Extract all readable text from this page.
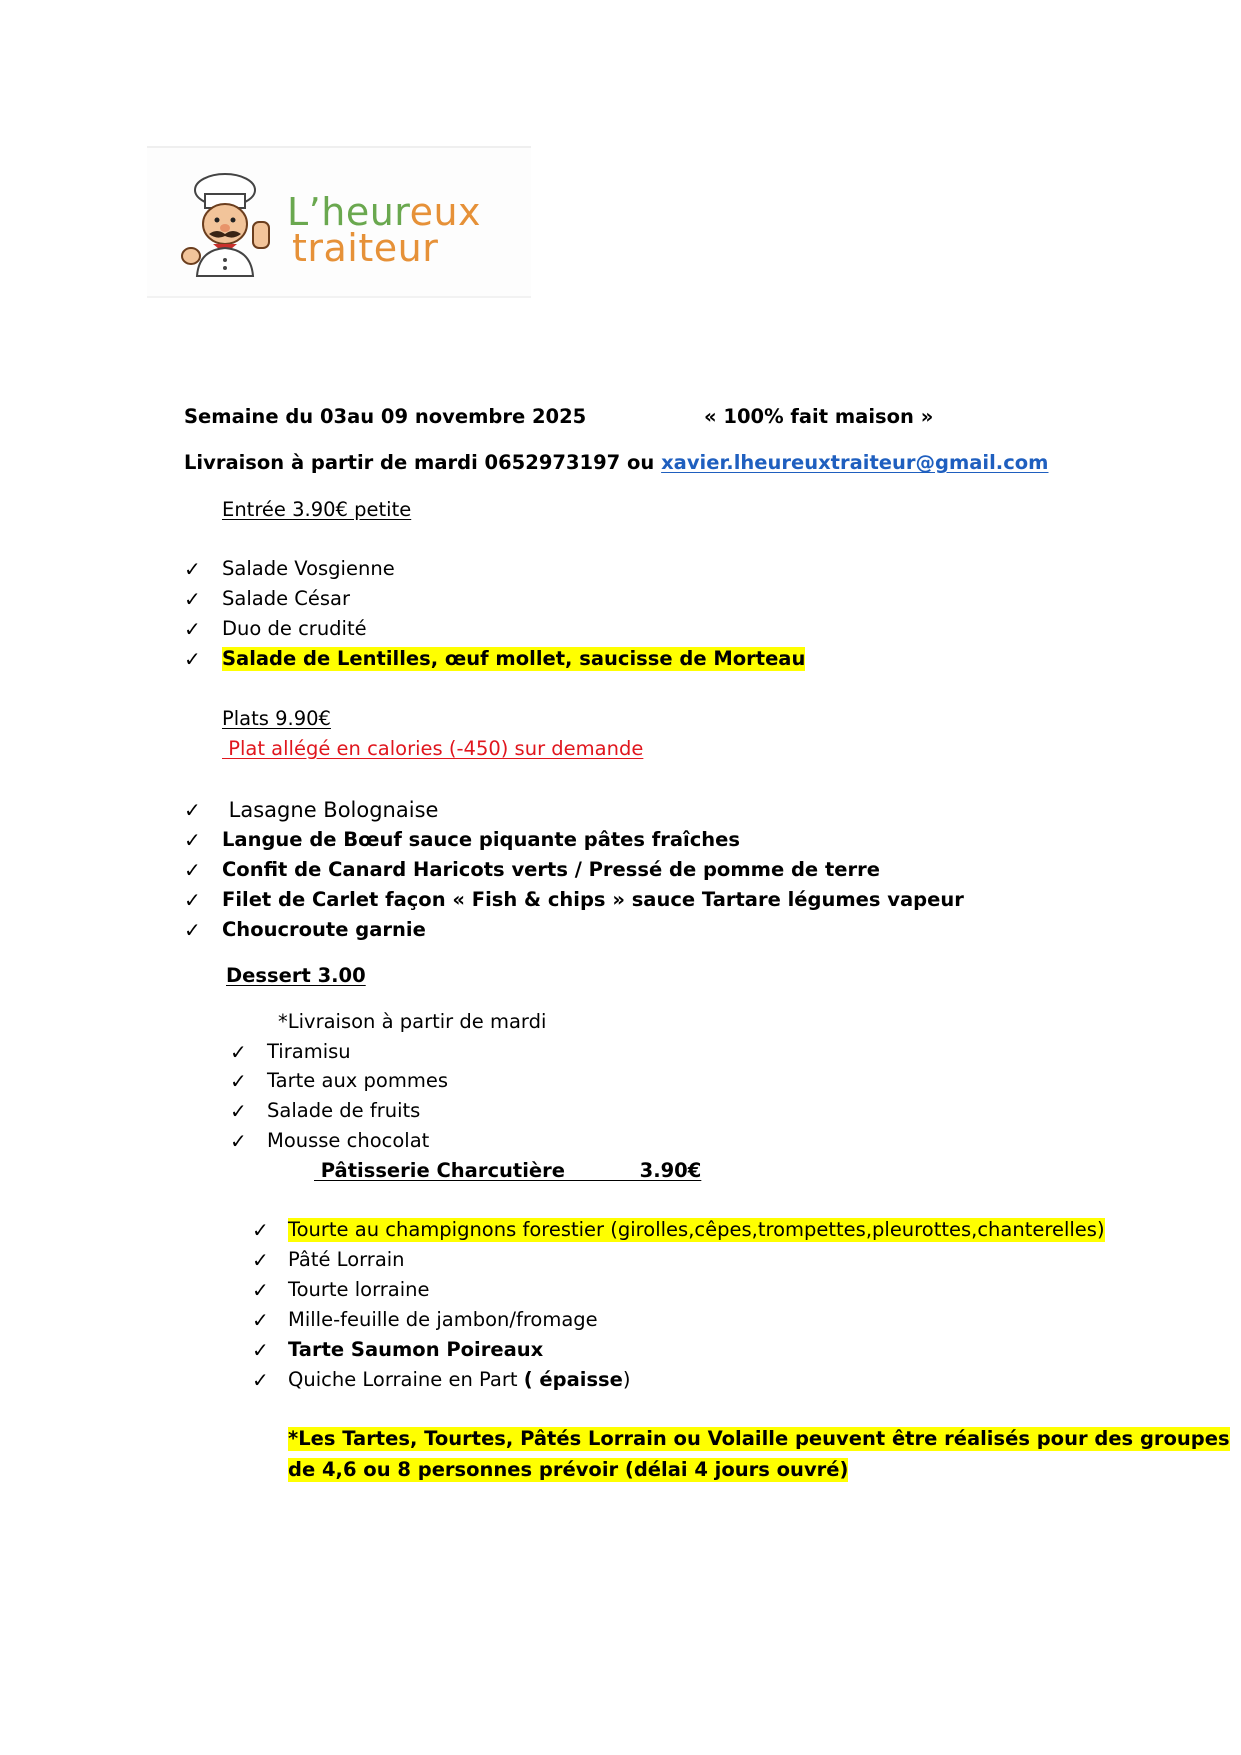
L’heureux
traiteur
Semaine du 03au 09 novembre 2025	« 100% fait maison »
Livraison à partir de mardi 0652973197 ou xavier.lheureuxtraiteur@gmail.com
Entrée 3.90€ petite
✓ Salade Vosgienne
✓ Salade César
✓ Duo de crudité
✓ Salade de Lentilles, œuf mollet, saucisse de Morteau
Plats 9.90€
Plat allégé en calories (-450) sur demande
✓ Lasagne Bolognaise
✓ Langue de Bœuf sauce piquante pâtes fraîches
✓ Confit de Canard Haricots verts / Pressé de pomme de terre
✓ Filet de Carlet façon « Fish & chips » sauce Tartare légumes vapeur
✓ Choucroute garnie
Dessert 3.00
*Livraison à partir de mardi
✓ Tiramisu
✓ Tarte aux pommes
✓ Salade de fruits
✓ Mousse chocolat
Pâtisserie Charcutière           3.90€
✓ Tourte au champignons forestier (girolles,cêpes,trompettes,pleurottes,chanterelles)
✓ Pâté Lorrain
✓ Tourte lorraine
✓ Mille-feuille de jambon/fromage
✓ Tarte Saumon Poireaux
✓ Quiche Lorraine en Part ( épaisse)
*Les Tartes, Tourtes, Pâtés Lorrain ou Volaille peuvent être réalisés pour des groupes
de 4,6 ou 8 personnes prévoir (délai 4 jours ouvré)
